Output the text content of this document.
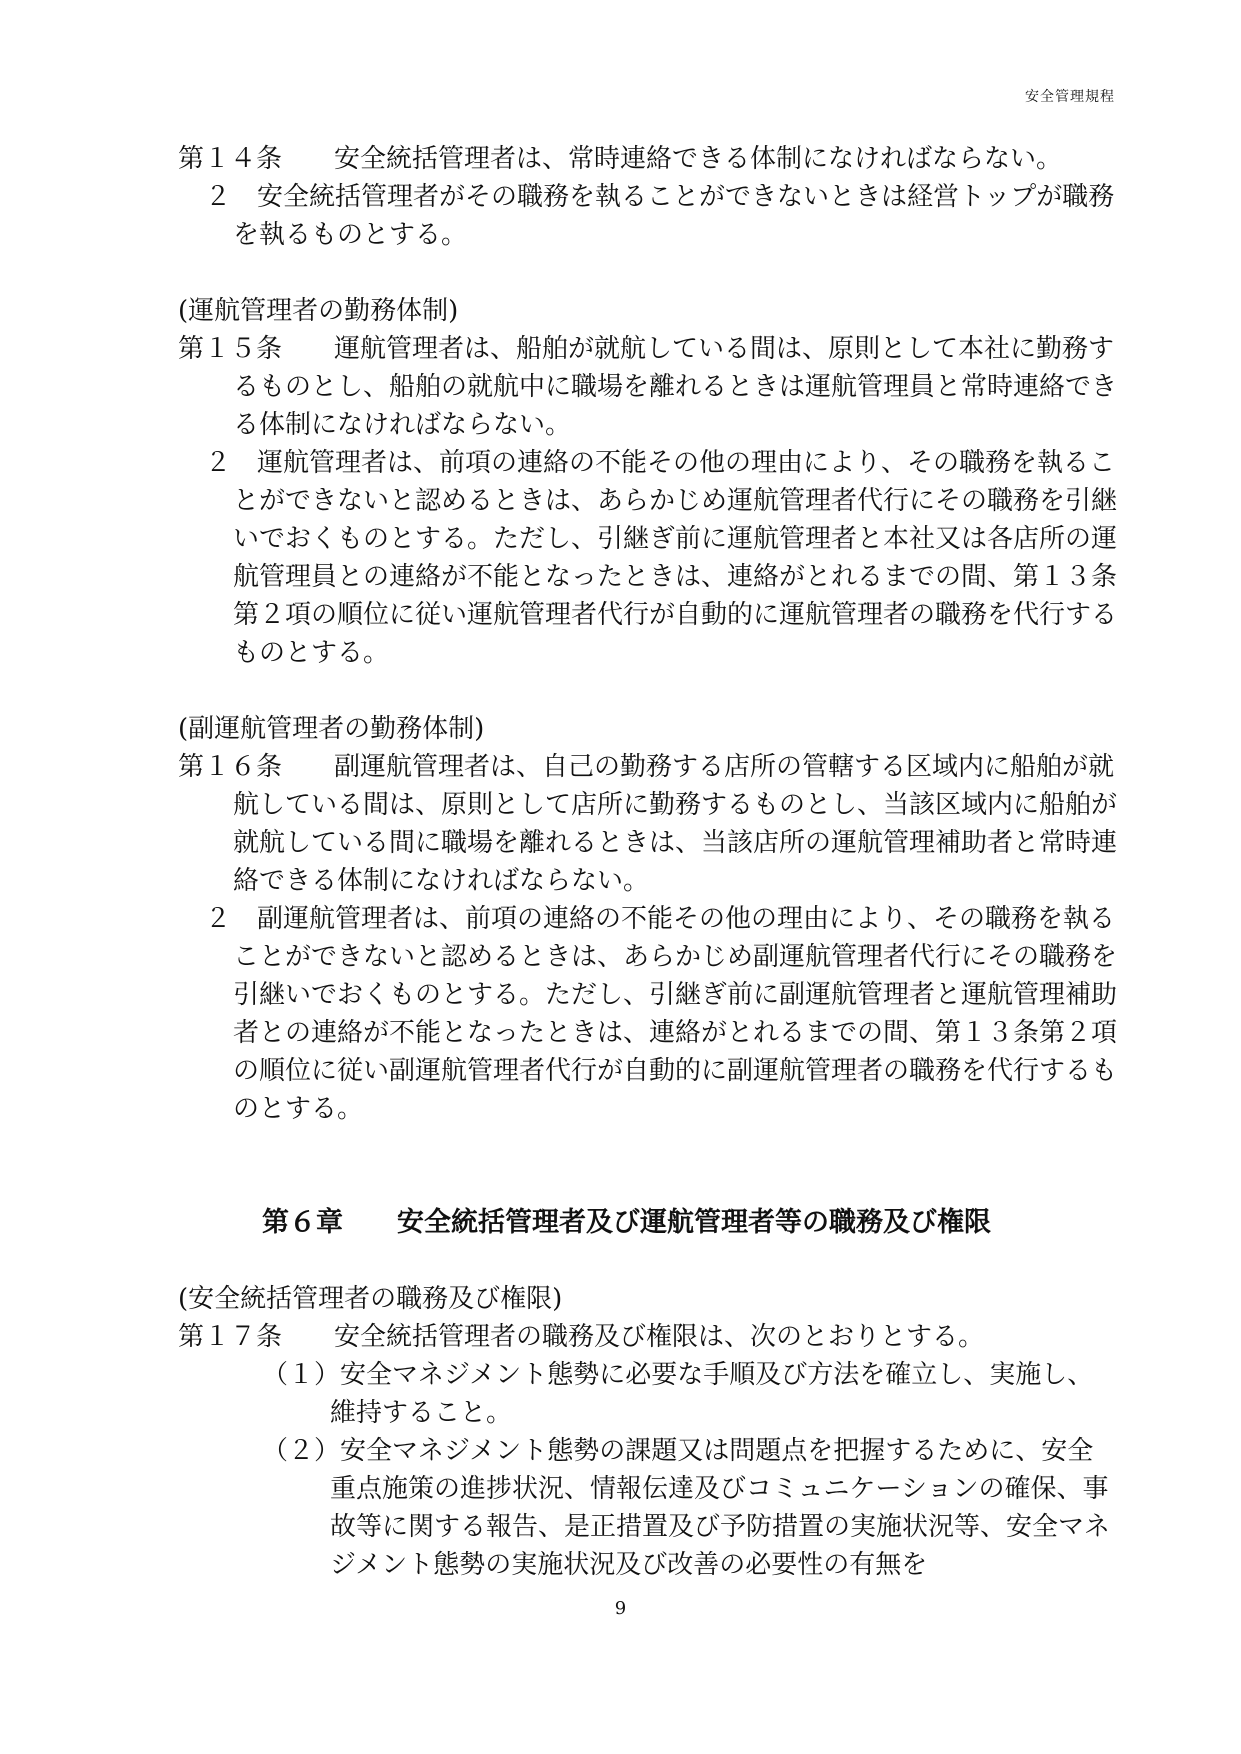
安全管理規程
第１４条　　安全統括管理者は、常時連絡できる体制になければならない。
２　安全統括管理者がその職務を執ることができないときは経営トップが職務を執るものとする。
(運航管理者の勤務体制)
第１５条　　運航管理者は、船舶が就航している間は、原則として本社に勤務するものとし、船舶の就航中に職場を離れるときは運航管理員と常時連絡できる体制になければならない。
２　運航管理者は、前項の連絡の不能その他の理由により、その職務を執ることができないと認めるときは、あらかじめ運航管理者代行にその職務を引継いでおくものとする。ただし、引継ぎ前に運航管理者と本社又は各店所の運航管理員との連絡が不能となったときは、連絡がとれるまでの間、第１３条第２項の順位に従い運航管理者代行が自動的に運航管理者の職務を代行するものとする。
(副運航管理者の勤務体制)
第１６条　　副運航管理者は、自己の勤務する店所の管轄する区域内に船舶が就航している間は、原則として店所に勤務するものとし、当該区域内に船舶が就航している間に職場を離れるときは、当該店所の運航管理補助者と常時連絡できる体制になければならない。
２　副運航管理者は、前項の連絡の不能その他の理由により、その職務を執ることができないと認めるときは、あらかじめ副運航管理者代行にその職務を引継いでおくものとする。ただし、引継ぎ前に副運航管理者と運航管理補助者との連絡が不能となったときは、連絡がとれるまでの間、第１３条第２項の順位に従い副運航管理者代行が自動的に副運航管理者の職務を代行するものとする。
第６章　　安全統括管理者及び運航管理者等の職務及び権限
(安全統括管理者の職務及び権限)
第１７条　　安全統括管理者の職務及び権限は、次のとおりとする。
（１）安全マネジメント態勢に必要な手順及び方法を確立し、実施し、維持すること。
（２）安全マネジメント態勢の課題又は問題点を把握するために、安全重点施策の進捗状況、情報伝達及びコミュニケーションの確保、事故等に関する報告、是正措置及び予防措置の実施状況等、安全マネジメント態勢の実施状況及び改善の必要性の有無を
9
